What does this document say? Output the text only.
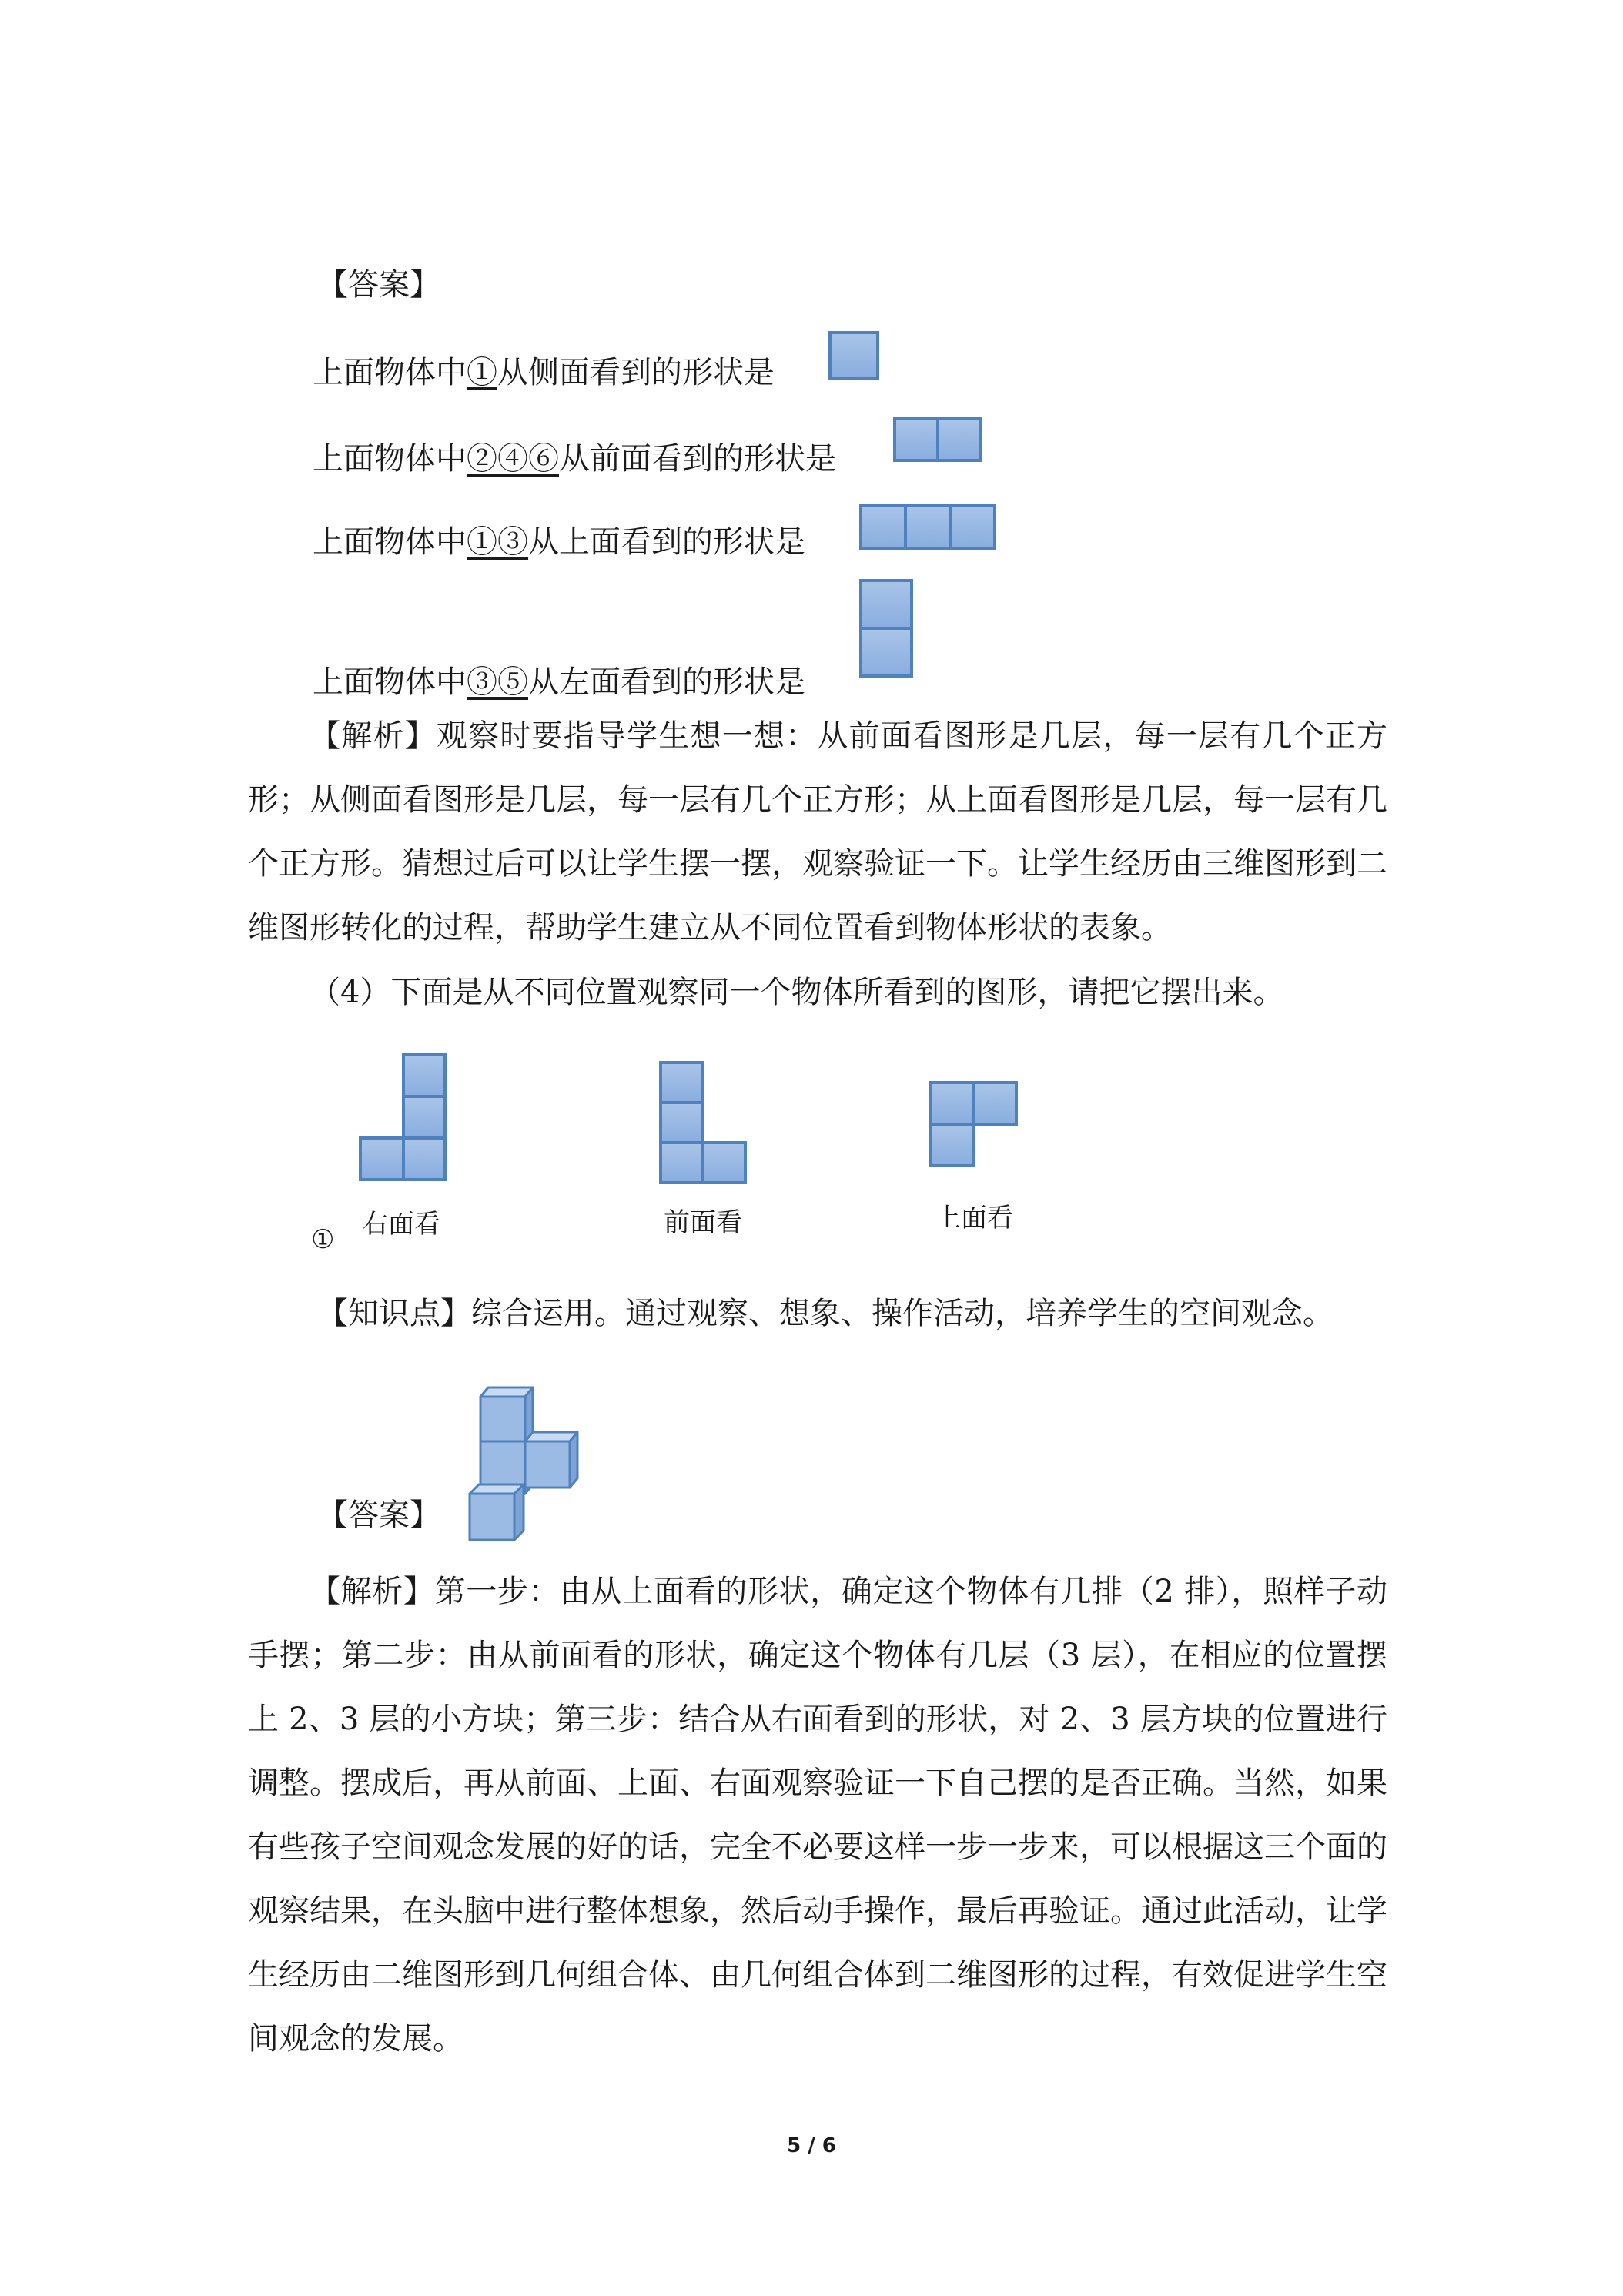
【答案】
上面物体中①从侧面看到的形状是
上面物体中②④⑥从前面看到的形状是
上面物体中①③从上面看到的形状是
上面物体中③⑤从左面看到的形状是
【解析】观察时要指导学生想一想：从前面看图形是几层，每一层有几个正方形；从侧面看图形是几层，每一层有几个正方形；从上面看图形是几层，每一层有几个正方形。猜想过后可以让学生摆一摆，观察验证一下。让学生经历由三维图形到二维图形转化的过程，帮助学生建立从不同位置看到物体形状的表象。
（4）下面是从不同位置观察同一个物体所看到的图形，请把它摆出来。
右面看
①
前面看	上面看
【知识点】综合运用。通过观察、想象、操作活动，培养学生的空间观念。
【答案】
【解析】第一步：由从上面看的形状，确定这个物体有几排（2 排），照样子动手摆；第二步：由从前面看的形状，确定这个物体有几层（3 层），在相应的位置摆上 2、3 层的小方块；第三步：结合从右面看到的形状，对 2、3 层方块的位置进行调整。摆成后，再从前面、上面、右面观察验证一下自己摆的是否正确。当然，如果有些孩子空间观念发展的好的话，完全不必要这样一步一步来，可以根据这三个面的观察结果，在头脑中进行整体想象，然后动手操作，最后再验证。通过此活动，让学生经历由二维图形到几何组合体、由几何组合体到二维图形的过程，有效促进学生空间观念的发展。
5 / 6
